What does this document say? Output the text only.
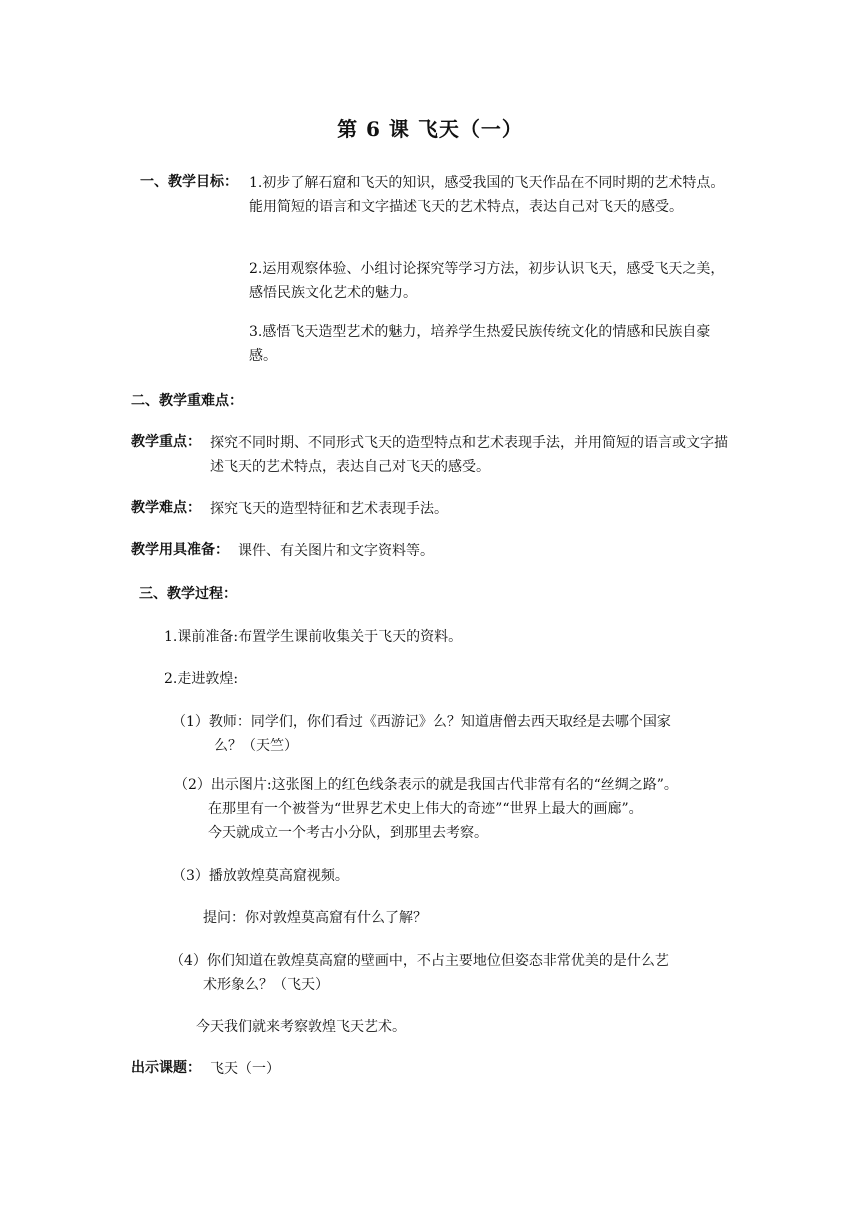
第 6 课 飞天（一）
一、教学目标： 1.初步了解石窟和飞天的知识，感受我国的飞天作品在不同时期的艺术特点。能用简短的语言和文字描述飞天的艺术特点，表达自己对飞天的感受。
2.运用观察体验、小组讨论探究等学习方法，初步认识飞天，感受飞天之美，感悟民族文化艺术的魅力。
3.感悟飞天造型艺术的魅力，培养学生热爱民族传统文化的情感和民族自豪感。
二、教学重难点：
教学重点： 探究不同时期、不同形式飞天的造型特点和艺术表现手法，并用简短的语言或文字描述飞天的艺术特点，表达自己对飞天的感受。
教学难点： 探究飞天的造型特征和艺术表现手法。
教学用具准备： 课件、有关图片和文字资料等。
三、教学过程：
1.课前准备:布置学生课前收集关于飞天的资料。
2.走进敦煌:
（1）教师：同学们，你们看过《西游记》么？知道唐僧去西天取经是去哪个国家
么？（天竺）
（2）出示图片:这张图上的红色线条表示的就是我国古代非常有名的“丝绸之路”。
在那里有一个被誉为“世界艺术史上伟大的奇迹”“世界上最大的画廊”。
今天就成立一个考古小分队，到那里去考察。
（3）播放敦煌莫高窟视频。
提问：你对敦煌莫高窟有什么了解？
（4）你们知道在敦煌莫高窟的壁画中，不占主要地位但姿态非常优美的是什么艺
术形象么？（飞天）
今天我们就来考察敦煌飞天艺术。
出示课题： 飞天（一）
